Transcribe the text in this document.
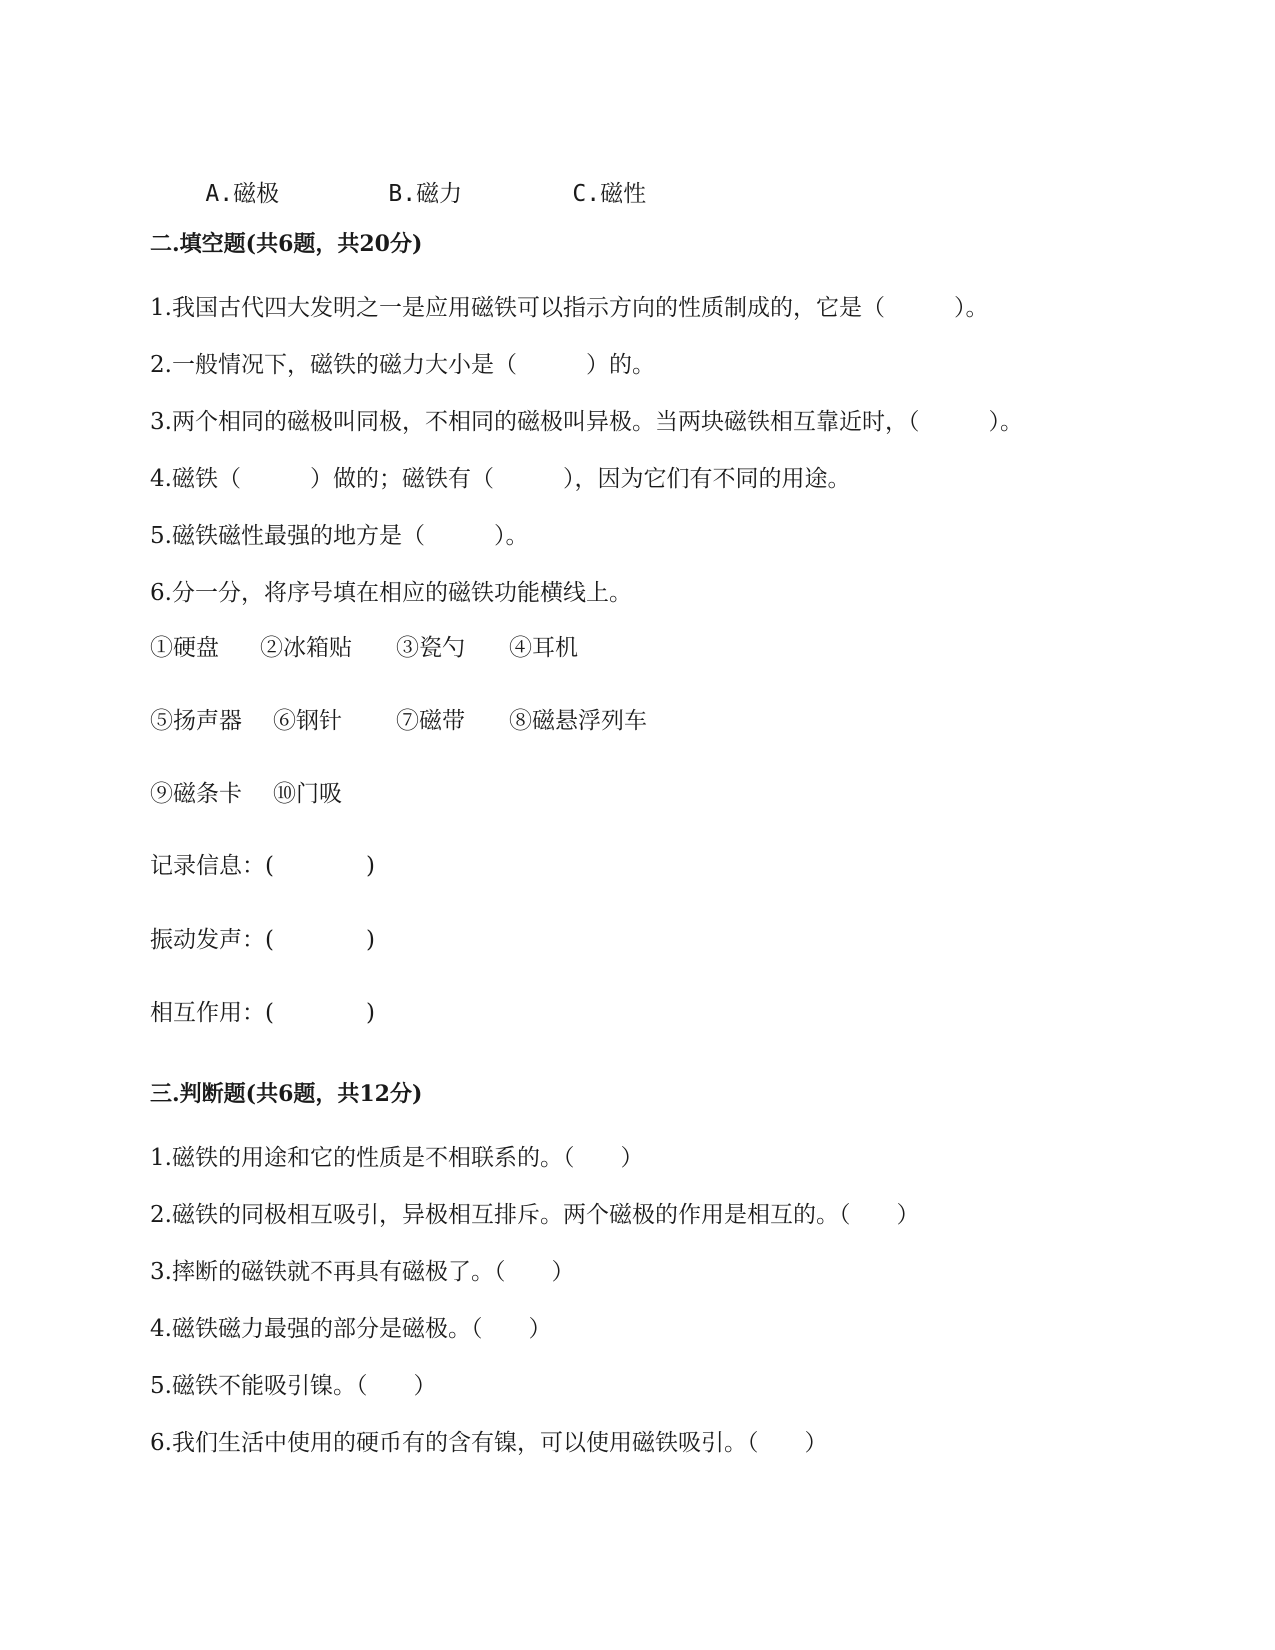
A.磁极
	B.磁力
	C.磁性

二.填空题(共6题，共20分)
1.我国古代四大发明之一是应用磁铁可以指示方向的性质制成的，它是（　　　）。
2.一般情况下，磁铁的磁力大小是（　　　）的。
3.两个相同的磁极叫同极，不相同的磁极叫异极。当两块磁铁相互靠近时，（　　　）。
4.磁铁（　　　）做的；磁铁有（　　　），因为它们有不同的用途。
5.磁铁磁性最强的地方是（　　　）。
6.分一分，将序号填在相应的磁铁功能横线上。
①硬盘 ②冰箱贴 ③瓷勺 ④耳机
⑤扬声器 ⑥钢针 ⑦磁带 ⑧磁悬浮列车
⑨磁条卡 ⑩门吸
记录信息：(　　　　)
振动发声：(　　　　)
相互作用：(　　　　)
三.判断题(共6题，共12分)
1.磁铁的用途和它的性质是不相联系的。（　　）
2.磁铁的同极相互吸引，异极相互排斥。两个磁极的作用是相互的。（　　）
3.摔断的磁铁就不再具有磁极了。（　　）
4.磁铁磁力最强的部分是磁极。（　　）
5.磁铁不能吸引镍。（　　）
6.我们生活中使用的硬币有的含有镍，可以使用磁铁吸引。（　　）
